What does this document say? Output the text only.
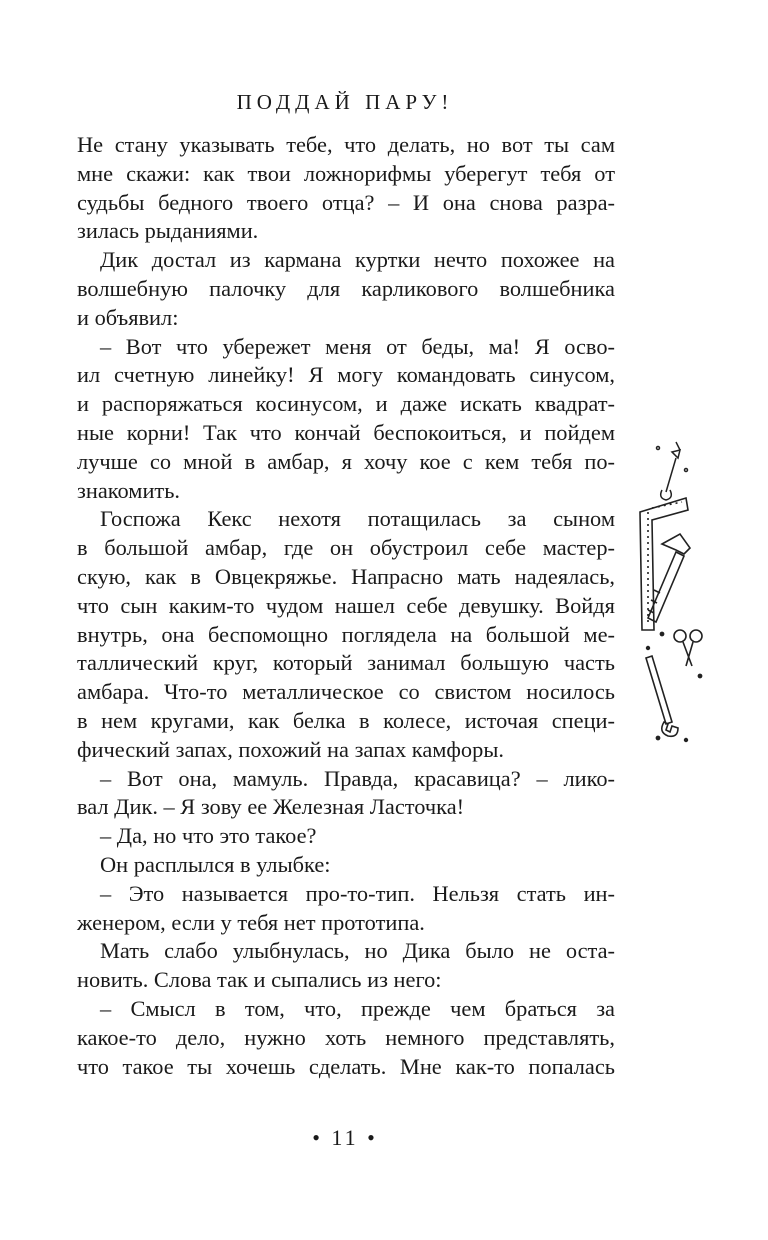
ПОДДАЙ ПАРУ!
Не стану указывать тебе, что делать, но вот ты сам
мне скажи: как твои ложнорифмы уберегут тебя от
судьбы бедного твоего отца? – И она снова разра-
зилась рыданиями.
Дик достал из кармана куртки нечто похожее на
волшебную палочку для карликового волшебника
и объявил:
– Вот что убережет меня от беды, ма! Я осво-
ил счетную линейку! Я могу командовать синусом,
и распоряжаться косинусом, и даже искать квадрат-
ные корни! Так что кончай беспокоиться, и пойдем
лучше со мной в амбар, я хочу кое с кем тебя по-
знакомить.
Госпожа Кекс нехотя потащилась за сыном
в большой амбар, где он обустроил себе мастер-
скую, как в Овцекряжье. Напрасно мать надеялась,
что сын каким-то чудом нашел себе девушку. Войдя
внутрь, она беспомощно поглядела на большой ме-
таллический круг, который занимал большую часть
амбара. Что-то металлическое со свистом носилось
в нем кругами, как белка в колесе, источая специ-
фический запах, похожий на запах камфоры.
– Вот она, мамуль. Правда, красавица? – лико-
вал Дик. – Я зову ее Железная Ласточка!
– Да, но что это такое?
Он расплылся в улыбке:
– Это называется про-то-тип. Нельзя стать ин-
женером, если у тебя нет прототипа.
Мать слабо улыбнулась, но Дика было не оста-
новить. Слова так и сыпались из него:
– Смысл в том, что, прежде чем браться за
какое-то дело, нужно хоть немного представлять,
что такое ты хочешь сделать. Мне как-то попалась
• 11 •
